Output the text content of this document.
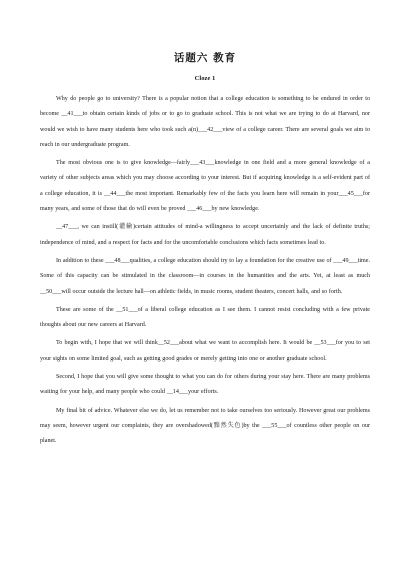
话题六 教育
Cloze 1

Why do people go to university? There is a popular notion that a college education is something to be endured in order to become __41___to obtain certain kinds of jobs or to go to graduate school. This is not what we are trying to do at Harvard, nor would we wish to have many students here who took such a(n)___42___view of a college career. There are several goals we aim to reach in our undergraduate program.

The most obvious one is to give knowledge—fairly___43___knowledge in one field and a more general knowledge of a variety of other subjects areas which you may choose according to your interest. But if acquiring knowledge is a self-evident part of a college education, it is __44___the most important. Remarkably few of the facts you learn here will remain in your___45___for many years, and some of those that do will even be proved ___46___by new knowledge.

__47___, we can instill(灌输)certain attitudes of mind-a willingness to accept uncertainly and the lack of definite truths; independence of mind, and a respect for facts and for the uncomfortable conclusions which facts sometimes lead to.

In addition to these ___48___qualities, a college education should try to lay a foundation for the creative use of ___49___time. Some of this capacity can be stimulated in the classroom—in courses in the humanities and the arts. Yet, at least as much __50___will occur outside the lecture hall—on athletic fields, in music rooms, student theaters, concert halls, and so forth.

These are some of the __51___of a liberal college education as I see them. I cannot resist concluding with a few private thoughts about our new careers at Harvard.

To begin with, I hope that we will think__52___about what we want to accomplish here. It would be __53___for you to set your sights on some limited goal, such as getting good grades or merely getting into one or another graduate school.

Second, I hope that you will give some thought to what you can do for others during your stay here. There are many problems waiting for your help, and many people who could __14___your efforts.

My final bit of advice. Whatever else we do, let us remember not to take ourselves too seriously. However great our problems may seem, however urgent our complaints, they are overshadowed(黯然失色)by the ___55___of countless other people on our planet.
